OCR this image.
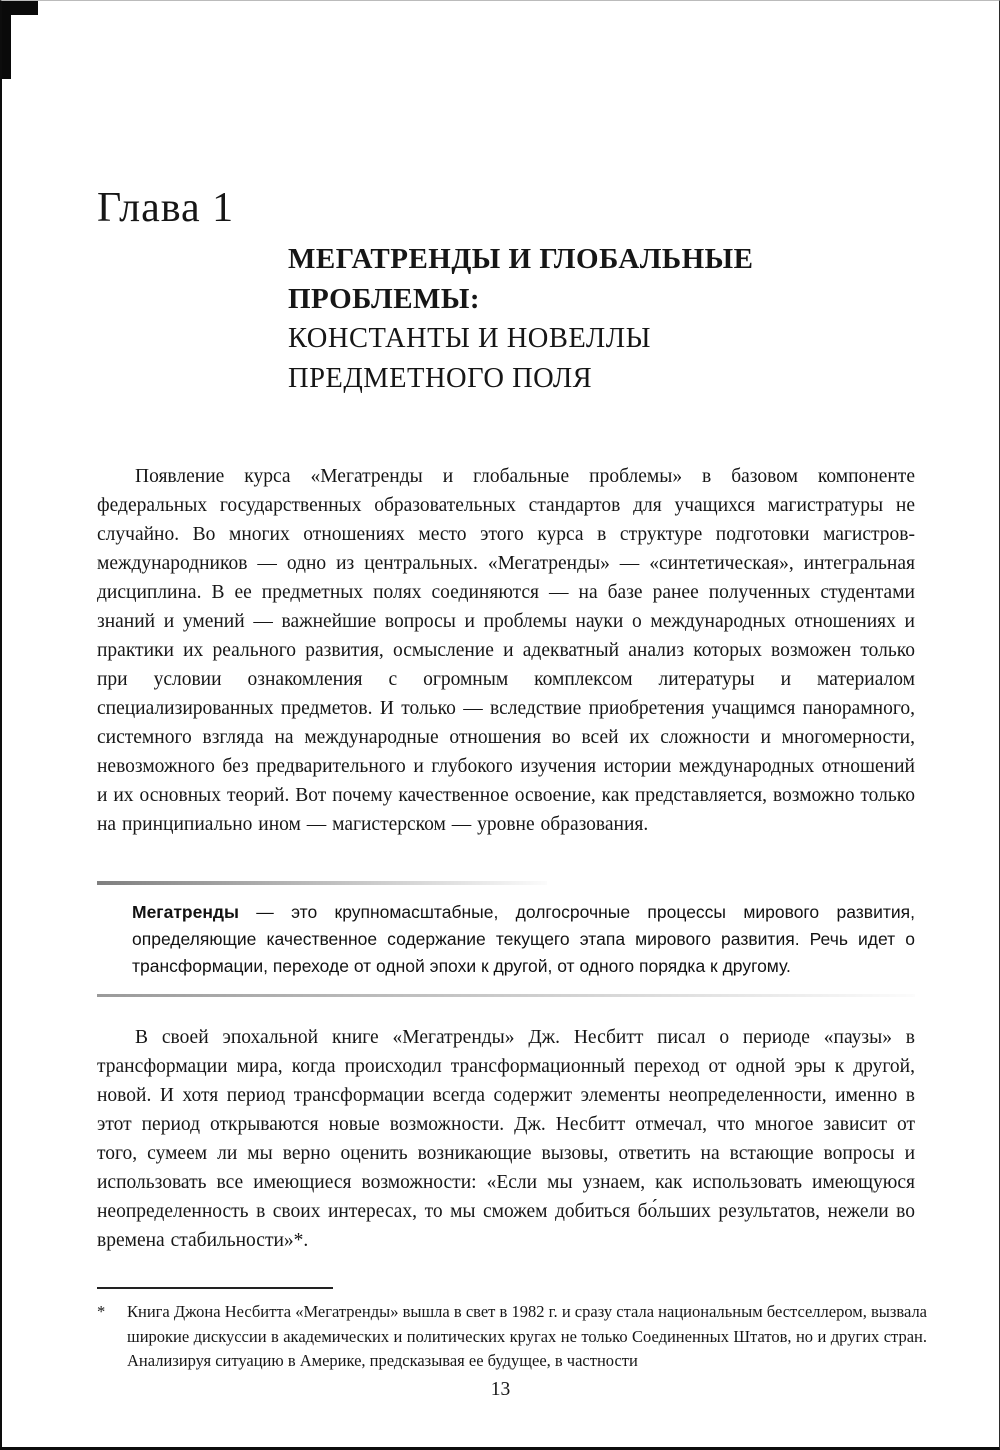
Глава 1
МЕГАТРЕНДЫ И ГЛОБАЛЬНЫЕ
ПРОБЛЕМЫ:
КОНСТАНТЫ И НОВЕЛЛЫ
ПРЕДМЕТНОГО ПОЛЯ
Появление курса «Мегатренды и глобальные проблемы» в базовом компоненте федеральных государственных образовательных стандартов для учащихся магистратуры не случайно. Во многих отношениях место этого курса в структуре подготовки магистров-международников — одно из центральных. «Мегатренды» — «синтетическая», интегральная дисциплина. В ее предметных полях соединяются — на базе ранее полученных студентами знаний и умений — важнейшие вопросы и проблемы науки о международных отношениях и практики их реального развития, осмысление и адекватный анализ которых возможен только при условии ознакомления с огромным комплексом литературы и материалом специализированных предметов. И только — вследствие приобретения учащимся панорамного, системного взгляда на международные отношения во всей их сложности и многомерности, невозможного без предварительного и глубокого изучения истории международных отношений и их основных теорий. Вот почему качественное освоение, как представляется, возможно только на принципиально ином — магистерском — уровне образования.
Мегатренды — это крупномасштабные, долгосрочные процессы мирового развития, определяющие качественное содержание текущего этапа мирового развития. Речь идет о трансформации, переходе от одной эпохи к другой, от одного порядка к другому.
В своей эпохальной книге «Мегатренды» Дж. Несбитт писал о периоде «паузы» в трансформации мира, когда происходил трансформационный переход от одной эры к другой, новой. И хотя период трансформации всегда содержит элементы неопределенности, именно в этот период открываются новые возможности. Дж. Несбитт отмечал, что многое зависит от того, сумеем ли мы верно оценить возникающие вызовы, ответить на встающие вопросы и использовать все имеющиеся возможности: «Если мы узнаем, как использовать имеющуюся неопределенность в своих интересах, то мы сможем добиться бо́льших результатов, нежели во времена стабильности»*.
*	Книга Джона Несбитта «Мегатренды» вышла в свет в 1982 г. и сразу стала национальным бестселлером, вызвала широкие дискуссии в академических и политических кругах не только Соединенных Штатов, но и других стран. Анализируя ситуацию в Америке, предсказывая ее будущее, в частности
13
